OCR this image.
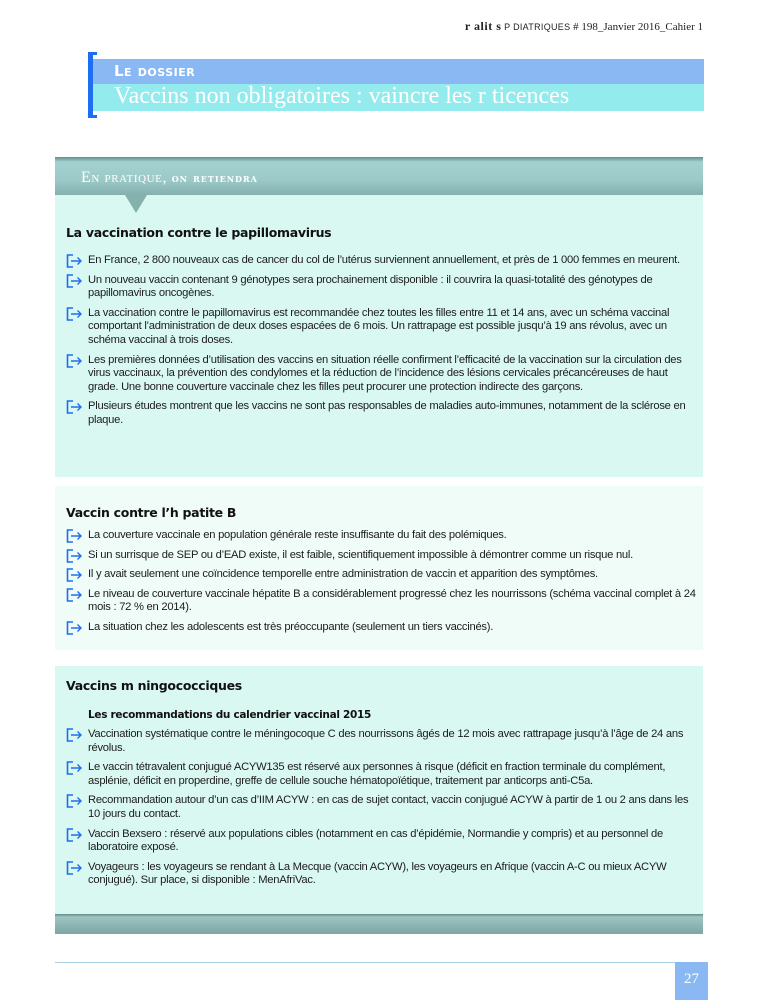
r alit s P DIATRIQUES # 198_Janvier 2016_Cahier 1
Le dossier
Vaccins non obligatoires : vaincre les r ticences
En pratique, on retiendra
La vaccination contre le papillomavirus
En France, 2 800 nouveaux cas de cancer du col de l’utérus surviennent annuellement, et près de 1 000 femmes en meurent.
Un nouveau vaccin contenant 9 génotypes sera prochainement disponible : il couvrira la quasi-totalité des génotypes de papillomavirus oncogènes.
La vaccination contre le papillomavirus est recommandée chez toutes les filles entre 11 et 14 ans, avec un schéma vaccinal comportant l’administration de deux doses espacées de 6 mois. Un rattrapage est possible jusqu’à 19 ans révolus, avec un schéma vaccinal à trois doses.
Les premières données d’utilisation des vaccins en situation réelle confirment l’efficacité de la vaccination sur la circulation des virus vaccinaux, la prévention des condylomes et la réduction de l’incidence des lésions cervicales précancéreuses de haut grade. Une bonne couverture vaccinale chez les filles peut procurer une protection indirecte des garçons.
Plusieurs études montrent que les vaccins ne sont pas responsables de maladies auto-immunes, notamment de la sclérose en plaque.
Vaccin contre l’h patite B
La couverture vaccinale en population générale reste insuffisante du fait des polémiques.
Si un surrisque de SEP ou d’EAD existe, il est faible, scientifiquement impossible à démontrer comme un risque nul.
Il y avait seulement une coïncidence temporelle entre administration de vaccin et apparition des symptômes.
Le niveau de couverture vaccinale hépatite B a considérablement progressé chez les nourrissons (schéma vaccinal complet à 24 mois : 72 % en 2014).
La situation chez les adolescents est très préoccupante (seulement un tiers vaccinés).
Vaccins m ningococciques
Les recommandations du calendrier vaccinal 2015
Vaccination systématique contre le méningocoque C des nourrissons âgés de 12 mois avec rattrapage jusqu’à l’âge de 24 ans révolus.
Le vaccin tétravalent conjugué ACYW135 est réservé aux personnes à risque (déficit en fraction terminale du complément, asplénie, déficit en properdine, greffe de cellule souche hématopoïétique, traitement par anticorps anti-C5a.
Recommandation autour d’un cas d’IIM ACYW : en cas de sujet contact, vaccin conjugué ACYW à partir de 1 ou 2 ans dans les 10 jours du contact.
Vaccin Bexsero : réservé aux populations cibles (notamment en cas d’épidémie, Normandie y compris) et au personnel de laboratoire exposé.
Voyageurs : les voyageurs se rendant à La Mecque (vaccin ACYW), les voyageurs en Afrique (vaccin A-C ou mieux ACYW conjugué). Sur place, si disponible : MenAfriVac.
27
